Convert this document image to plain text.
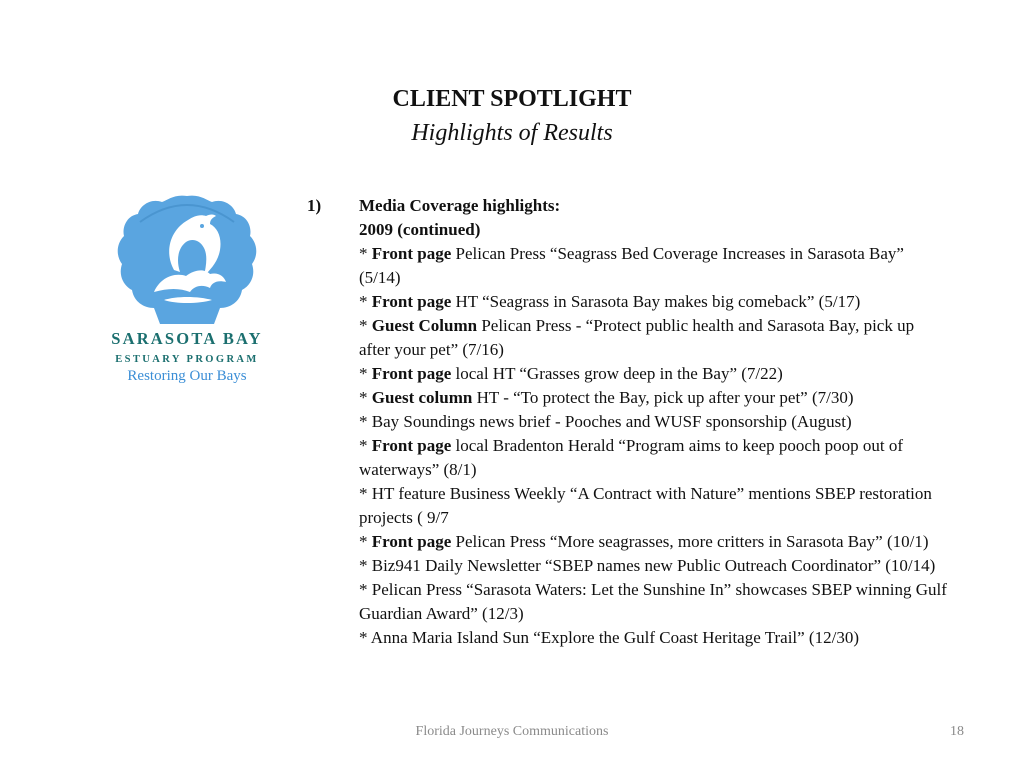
CLIENT SPOTLIGHT
Highlights of Results
SARASOTA BAY
ESTUARY PROGRAM
Restoring Our Bays
1) Media Coverage highlights:
2009 (continued)
* Front page Pelican Press “Seagrass Bed Coverage Increases in Sarasota Bay” (5/14)
* Front page HT “Seagrass in Sarasota Bay makes big comeback” (5/17)
* Guest Column Pelican Press - “Protect public health and Sarasota Bay, pick up after your pet” (7/16)
* Front page local HT “Grasses grow deep in the Bay” (7/22)
* Guest column HT - “To protect the Bay, pick up after your pet” (7/30)
* Bay Soundings news brief - Pooches and WUSF sponsorship (August)
* Front page local Bradenton Herald “Program aims to keep pooch poop out of waterways” (8/1)
* HT feature Business Weekly “A Contract with Nature” mentions SBEP restoration projects ( 9/7
* Front page Pelican Press “More seagrasses, more critters in Sarasota Bay” (10/1)
* Biz941 Daily Newsletter “SBEP names new Public Outreach Coordinator” (10/14)
* Pelican Press “Sarasota Waters: Let the Sunshine In” showcases SBEP winning Gulf Guardian Award” (12/3)
* Anna Maria Island Sun “Explore the Gulf Coast Heritage Trail” (12/30)
Florida Journeys Communications	18
